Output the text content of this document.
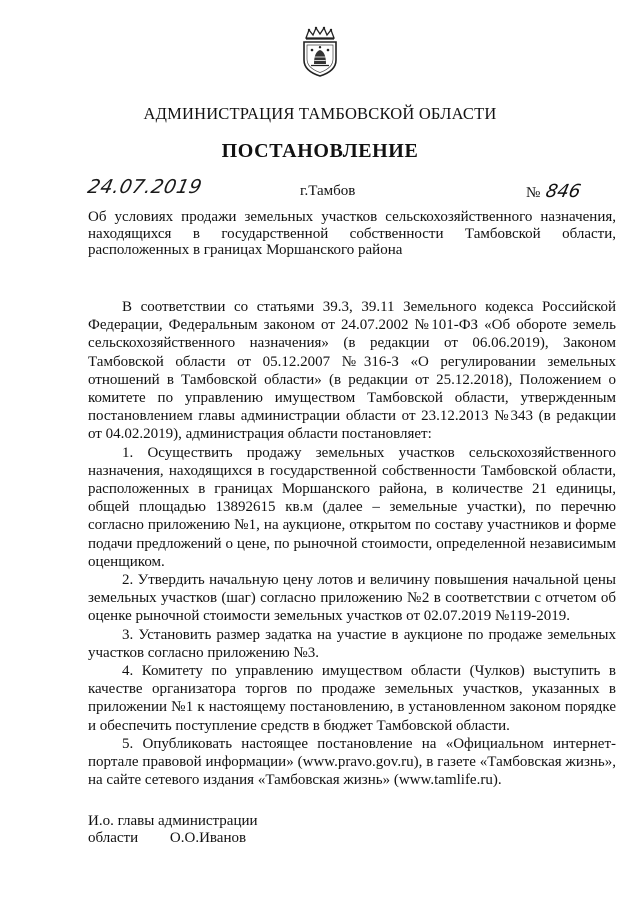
АДМИНИСТРАЦИЯ ТАМБОВСКОЙ ОБЛАСТИ
ПОСТАНОВЛЕНИЕ
24.07.2019	г.Тамбов	№ 846
Об условиях продажи земельных участков сельскохозяйственного назначения,
находящихся в государственной собственности Тамбовской области,
расположенных в границах Моршанского района

В соответствии со статьями 39.3, 39.11 Земельного кодекса Российской Федерации, Федеральным законом от 24.07.2002 №101-ФЗ «Об обороте земель сельскохозяйственного назначения» (в редакции от 06.06.2019), Законом Тамбовской области от 05.12.2007 №316-З «О регулировании земельных отношений в Тамбовской области» (в редакции от 25.12.2018), Положением о комитете по управлению имуществом Тамбовской области, утвержденным постановлением главы администрации области от 23.12.2013 №343 (в редакции от 04.02.2019), администрация области постановляет:

1. Осуществить продажу земельных участков сельскохозяйственного назначения, находящихся в государственной собственности Тамбовской области, расположенных в границах Моршанского района, в количестве 21 единицы, общей площадью 13892615 кв.м (далее – земельные участки), по перечню согласно приложению №1, на аукционе, открытом по составу участников и форме подачи предложений о цене, по рыночной стоимости, определенной независимым оценщиком.

2. Утвердить начальную цену лотов и величину повышения начальной цены земельных участков (шаг) согласно приложению №2 в соответствии с отчетом об оценке рыночной стоимости земельных участков от 02.07.2019 №119-2019.

3. Установить размер задатка на участие в аукционе по продаже земельных участков согласно приложению №3.

4. Комитету по управлению имуществом области (Чулков) выступить в качестве организатора торгов по продаже земельных участков, указанных в приложении №1 к настоящему постановлению, в установленном законом порядке и обеспечить поступление средств в бюджет Тамбовской области.

5. Опубликовать настоящее постановление на «Официальном интернет-портале правовой информации» (www.pravo.gov.ru), в газете «Тамбовская жизнь», на сайте сетевого издания «Тамбовская жизнь» (www.tamlife.ru).

И.о. главы администрации
области О.О.Иванов
